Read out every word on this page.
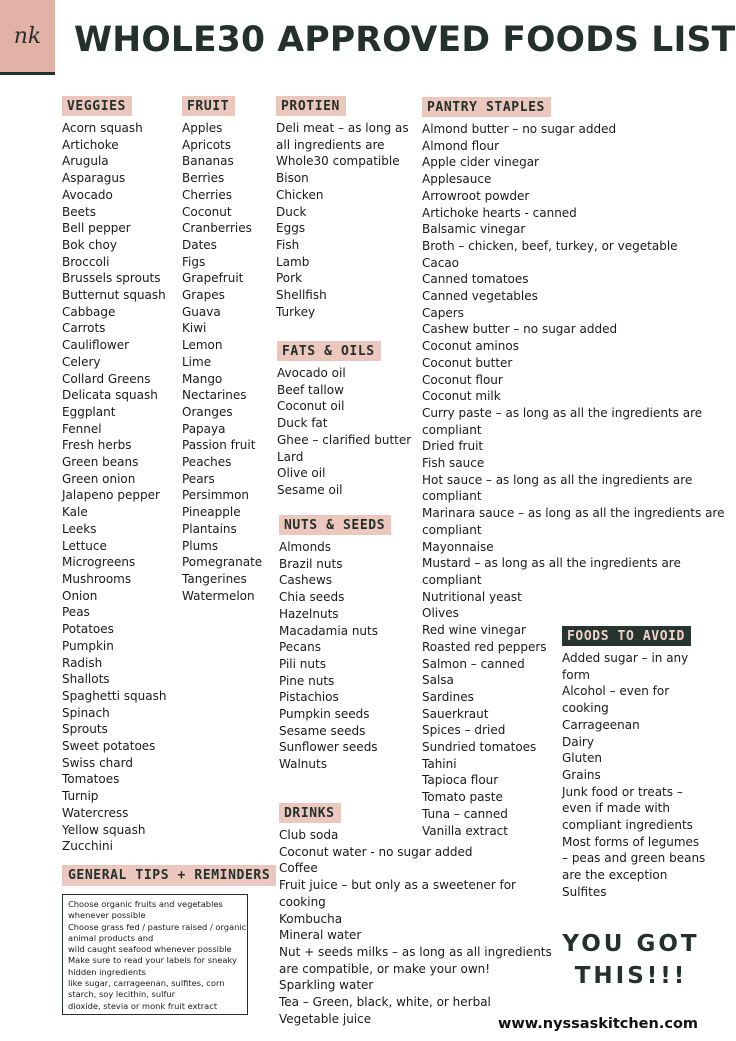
nk WHOLE30 APPROVED FOODS LIST
VEGGIES
Acorn squash
Artichoke
Arugula
Asparagus
Avocado
Beets
Bell pepper
Bok choy
Broccoli
Brussels sprouts
Butternut squash
Cabbage
Carrots
Cauliflower
Celery
Collard Greens
Delicata squash
Eggplant
Fennel
Fresh herbs
Green beans
Green onion
Jalapeno pepper
Kale
Leeks
Lettuce
Microgreens
Mushrooms
Onion
Peas
Potatoes
Pumpkin
Radish
Shallots
Spaghetti squash
Spinach
Sprouts
Sweet potatoes
Swiss chard
Tomatoes
Turnip
Watercress
Yellow squash
Zucchini
FRUIT
Apples
Apricots
Bananas
Berries
Cherries
Coconut
Cranberries
Dates
Figs
Grapefruit
Grapes
Guava
Kiwi
Lemon
Lime
Mango
Nectarines
Oranges
Papaya
Passion fruit
Peaches
Pears
Persimmon
Pineapple
Plantains
Plums
Pomegranate
Tangerines
Watermelon
PROTIEN
Deli meat – as long as
all ingredients are
Whole30 compatible
Bison
Chicken
Duck
Eggs
Fish
Lamb
Pork
Shellfish
Turkey
FATS & OILS
Avocado oil
Beef tallow
Coconut oil
Duck fat
Ghee – clarified butter
Lard
Olive oil
Sesame oil
NUTS & SEEDS
Almonds
Brazil nuts
Cashews
Chia seeds
Hazelnuts
Macadamia nuts
Pecans
Pili nuts
Pine nuts
Pistachios
Pumpkin seeds
Sesame seeds
Sunflower seeds
Walnuts
DRINKS
Club soda
Coconut water - no sugar added
Coffee
Fruit juice – but only as a sweetener for
cooking
Kombucha
Mineral water
Nut + seeds milks – as long as all ingredients
are compatible, or make your own!
Sparkling water
Tea – Green, black, white, or herbal
Vegetable juice
PANTRY STAPLES
Almond butter – no sugar added
Almond flour
Apple cider vinegar
Applesauce
Arrowroot powder
Artichoke hearts - canned
Balsamic vinegar
Broth – chicken, beef, turkey, or vegetable
Cacao
Canned tomatoes
Canned vegetables
Capers
Cashew butter – no sugar added
Coconut aminos
Coconut butter
Coconut flour
Coconut milk
Curry paste – as long as all the ingredients are
compliant
Dried fruit
Fish sauce
Hot sauce – as long as all the ingredients are
compliant
Marinara sauce – as long as all the ingredients are
compliant
Mayonnaise
Mustard – as long as all the ingredients are
compliant
Nutritional yeast
Olives
Red wine vinegar
Roasted red peppers
Salmon – canned
Salsa
Sardines
Sauerkraut
Spices – dried
Sundried tomatoes
Tahini
Tapioca flour
Tomato paste
Tuna – canned
Vanilla extract
FOODS TO AVOID
Added sugar – in any
form
Alcohol – even for
cooking
Carrageenan
Dairy
Gluten
Grains
Junk food or treats –
even if made with
compliant ingredients
Most forms of legumes
– peas and green beans
are the exception
Sulfites
GENERAL TIPS + REMINDERS
Choose organic fruits and vegetables
whenever possible
Choose grass fed / pasture raised / organic
animal products and
wild caught seafood whenever possible
Make sure to read your labels for sneaky
hidden ingredients
like sugar, carrageenan, sulfites, corn
starch, soy lecithin, sulfur
dioxide, stevia or monk fruit extract

YOU GOT THIS!!!

www.nyssaskitchen.com
